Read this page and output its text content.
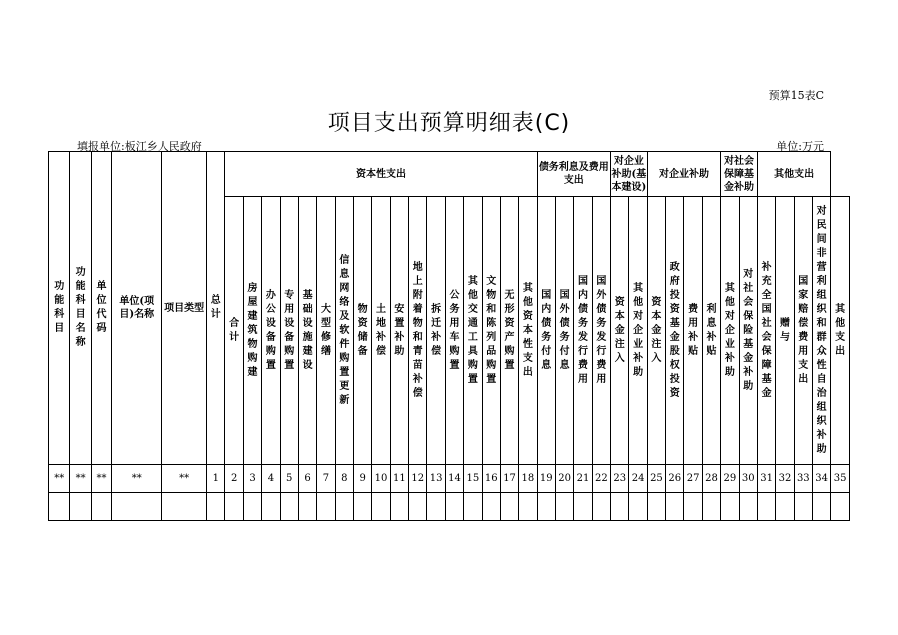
预算15表C
项目支出预算明细表(C)
填报单位:板江乡人民政府	单位:万元
功能科目	功能科目名称	单位代码	单位(项目)名称	项目类型	总计	资本性支出																	债务利息及费用支出				对企业补助(基本建设)		对企业补助				对社会保障基金补助		其他支出				
						合计	房屋建筑物购建	办公设备购置	专用设备购置	基础设施建设	大型修缮	信息网络及软件购置更新	物资储备	土地补偿	安置补助	地上附着物和青苗补偿	拆迁补偿	公务用车购置	其他交通工具购置	文物和陈列品购置	无形资产购置	其他资本性支出	国内债务付息	国外债务付息	国内债务发行费用	国外债务发行费用	资本金注入	其他对企业补助	资本金注入	政府投资基金股权投资	费用补贴	利息补贴	其他对企业补助	对社会保险基金补助	补充全国社会保障基金	赠与	国家赔偿费用支出	对民间非营利组织和群众性自治组织补助	其他支出
**	**	**	**	**	1	2	3	4	5	6	7	8	9	10	11	12	13	14	15	16	17	18	19	20	21	22	23	24	25	26	27	28	29	30	31	32	33	34	35
